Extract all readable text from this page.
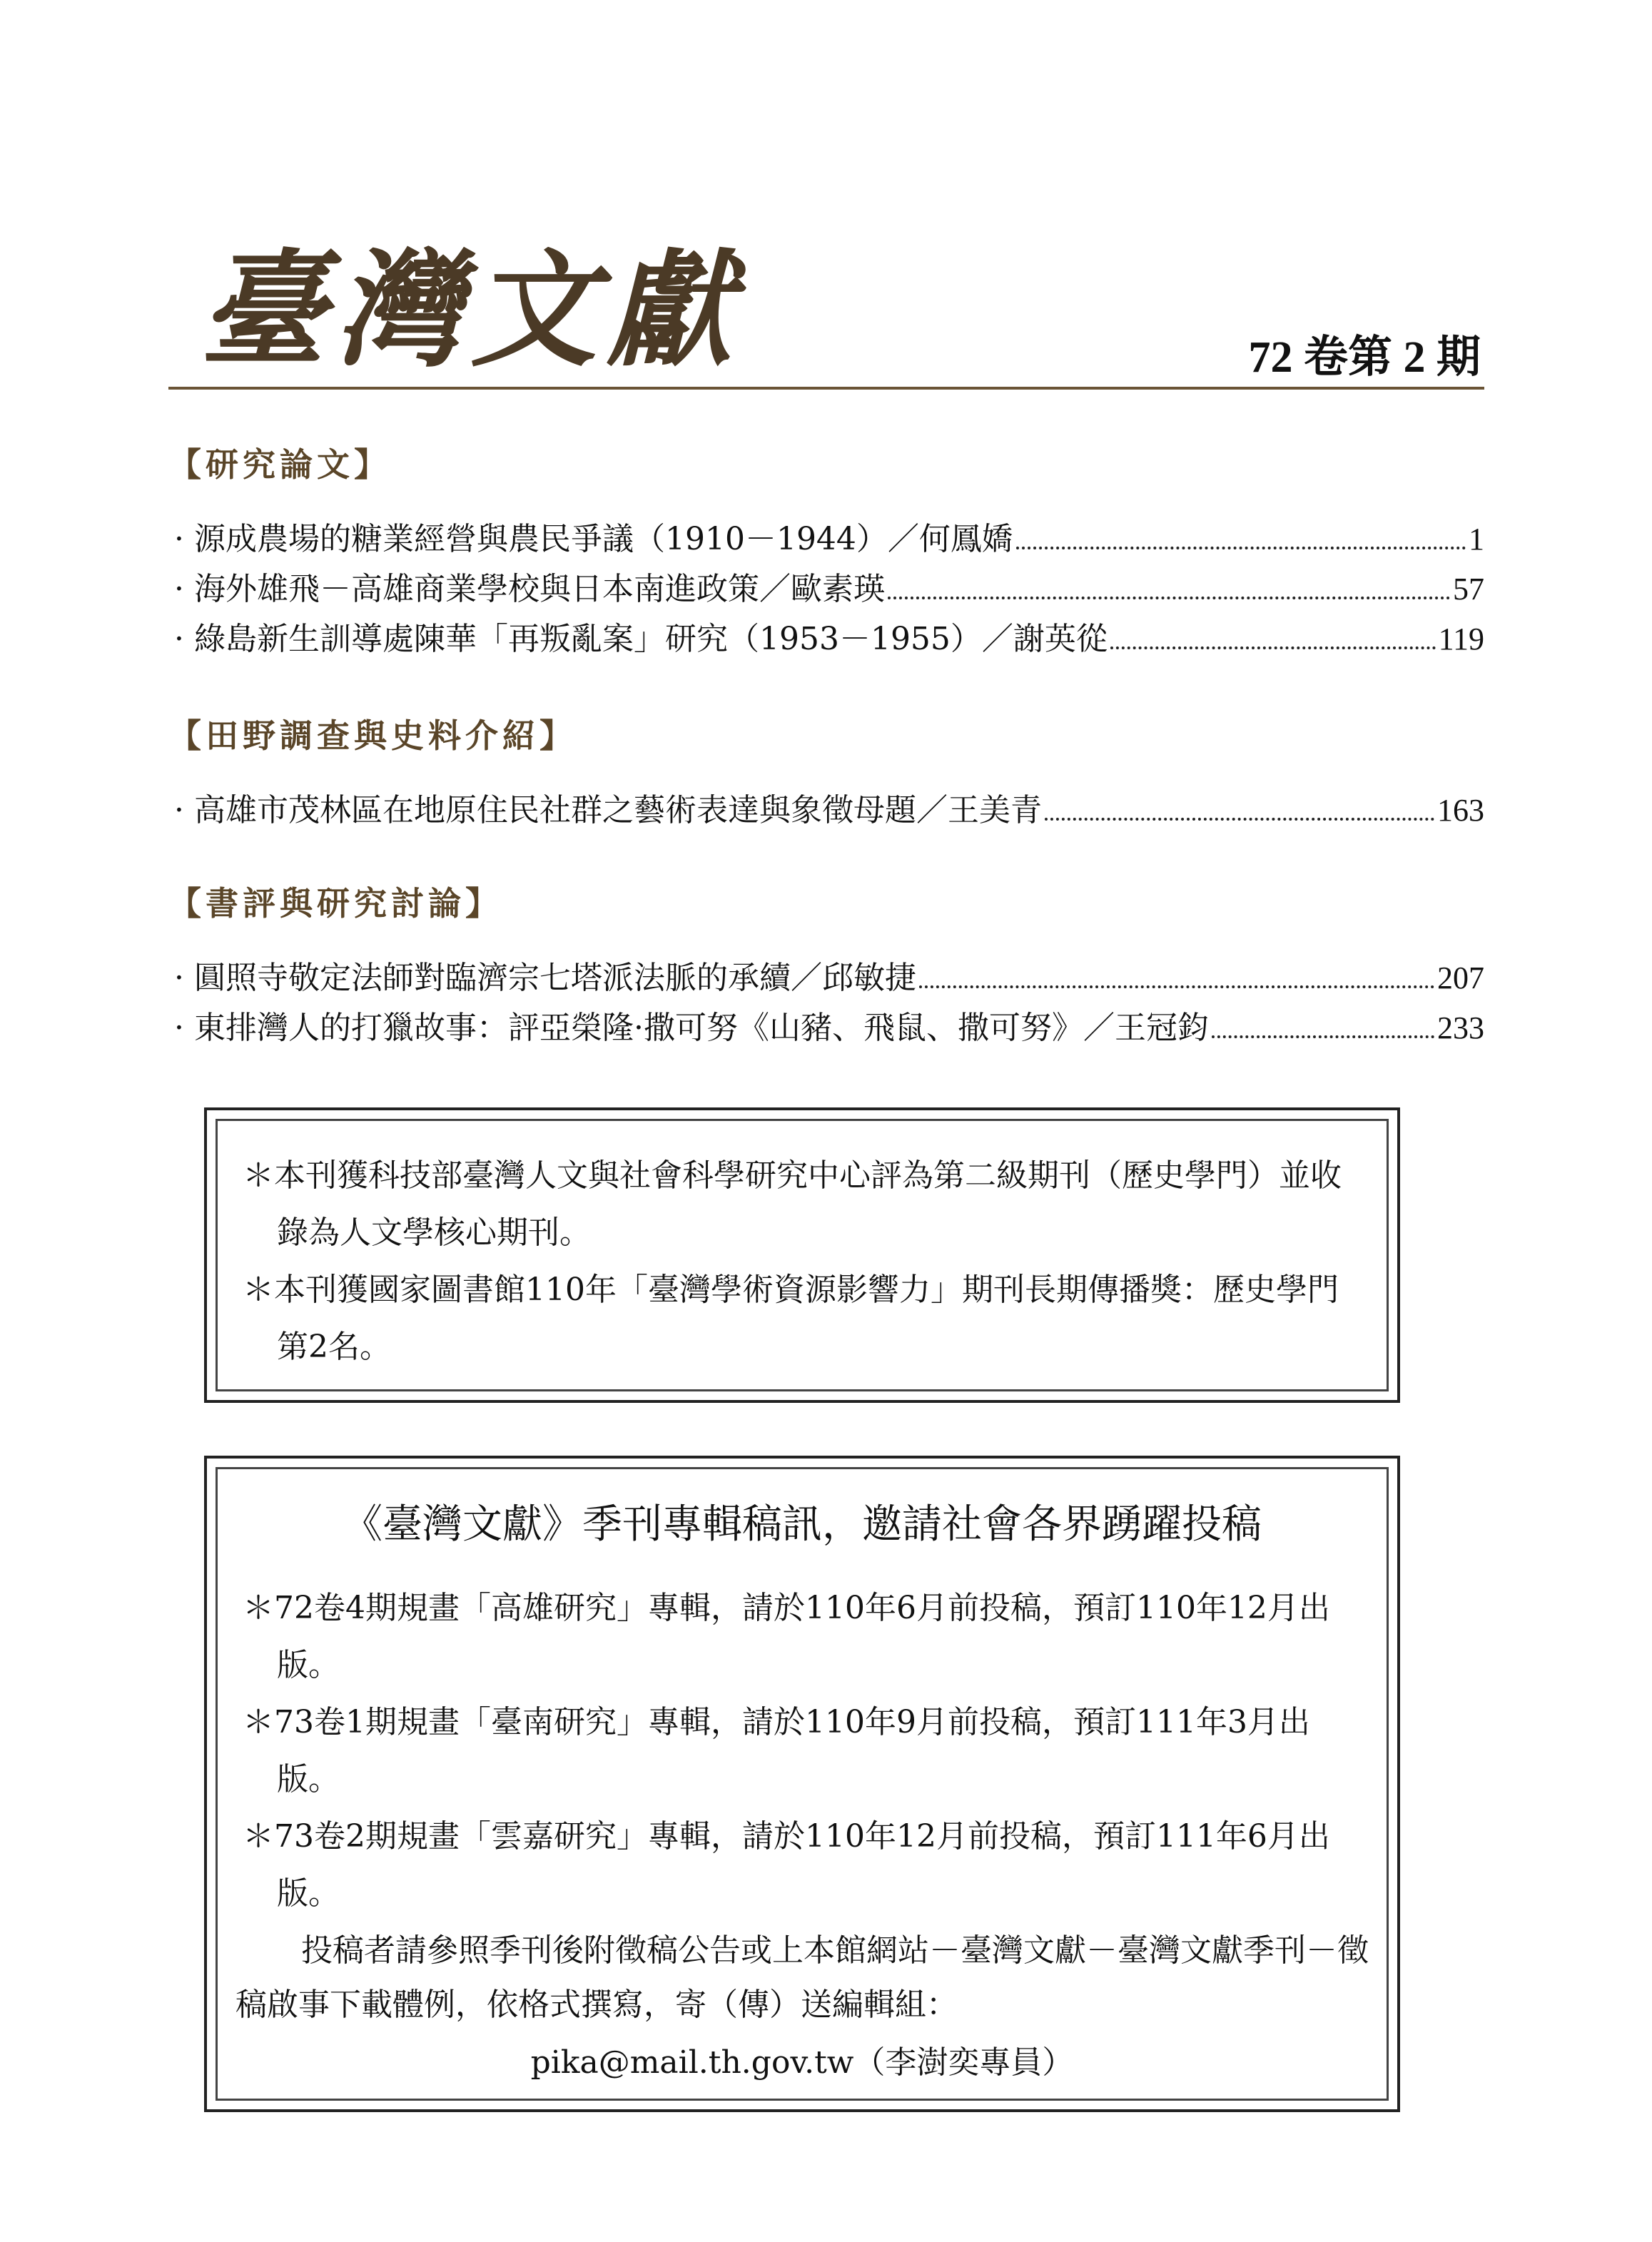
臺灣文獻	72 卷第 2 期
【研究論文】
· 源成農場的糖業經營與農民爭議（1910－1944）／何鳳嬌	1
· 海外雄飛－高雄商業學校與日本南進政策／歐素瑛	57
· 綠島新生訓導處陳華「再叛亂案」研究（1953－1955）／謝英從	119
【田野調查與史料介紹】
· 高雄市茂林區在地原住民社群之藝術表達與象徵母題／王美青	163
【書評與研究討論】
· 圓照寺敬定法師對臨濟宗七塔派法脈的承續／邱敏捷	207
· 東排灣人的打獵故事：評亞榮隆·撒可努《山豬、飛鼠、撒可努》／王冠鈞	233
＊本刊獲科技部臺灣人文與社會科學研究中心評為第二級期刊（歷史學門）並收錄為人文學核心期刊。
＊本刊獲國家圖書館110年「臺灣學術資源影響力」期刊長期傳播獎：歷史學門第2名。
《臺灣文獻》季刊專輯稿訊，邀請社會各界踴躍投稿
＊72卷4期規畫「高雄研究」專輯，請於110年6月前投稿，預訂110年12月出版。
＊73卷1期規畫「臺南研究」專輯，請於110年9月前投稿，預訂111年3月出版。
＊73卷2期規畫「雲嘉研究」專輯，請於110年12月前投稿，預訂111年6月出版。
投稿者請參照季刊後附徵稿公告或上本館網站－臺灣文獻－臺灣文獻季刊－徵稿啟事下載體例，依格式撰寫，寄（傳）送編輯組：
pika@mail.th.gov.tw（李澍奕專員）
